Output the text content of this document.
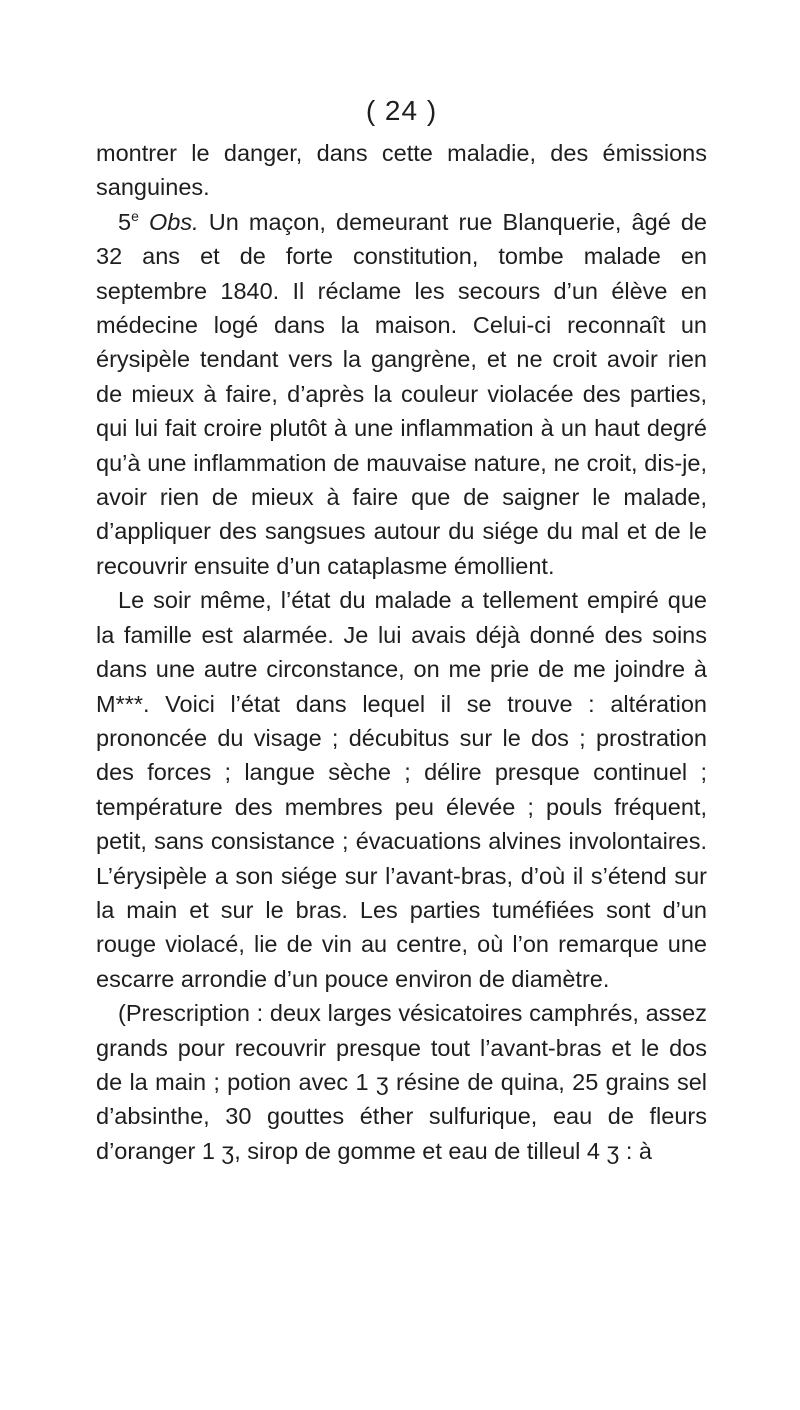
( 24 )

montrer le danger, dans cette maladie, des émissions sanguines.

5e Obs. Un maçon, demeurant rue Blanquerie, âgé de 32 ans et de forte constitution, tombe malade en septembre 1840. Il réclame les secours d’un élève en médecine logé dans la maison. Celui-ci reconnaît un érysipèle tendant vers la gangrène, et ne croit avoir rien de mieux à faire, d’après la couleur violacée des parties, qui lui fait croire plutôt à une inflammation à un haut degré qu’à une inflammation de mauvaise nature, ne croit, dis-je, avoir rien de mieux à faire que de saigner le malade, d’appliquer des sangsues autour du siége du mal et de le recouvrir ensuite d’un cataplasme émollient.

Le soir même, l’état du malade a tellement empiré que la famille est alarmée. Je lui avais déjà donné des soins dans une autre circonstance, on me prie de me joindre à M***. Voici l’état dans lequel il se trouve : altération prononcée du visage ; décubitus sur le dos ; prostration des forces ; langue sèche ; délire presque continuel ; température des membres peu élevée ; pouls fréquent, petit, sans consistance ; évacuations alvines involontaires. L’érysipèle a son siége sur l’avant-bras, d’où il s’étend sur la main et sur le bras. Les parties tuméfiées sont d’un rouge violacé, lie de vin au centre, où l’on remarque une escarre arrondie d’un pouce environ de diamètre.

(Prescription : deux larges vésicatoires camphrés, assez grands pour recouvrir presque tout l’avant-bras et le dos de la main ; potion avec 1 ʒ résine de quina, 25 grains sel d’absinthe, 30 gouttes éther sulfurique, eau de fleurs d’oranger 1 ʒ, sirop de gomme et eau de tilleul 4 ʒ : à
